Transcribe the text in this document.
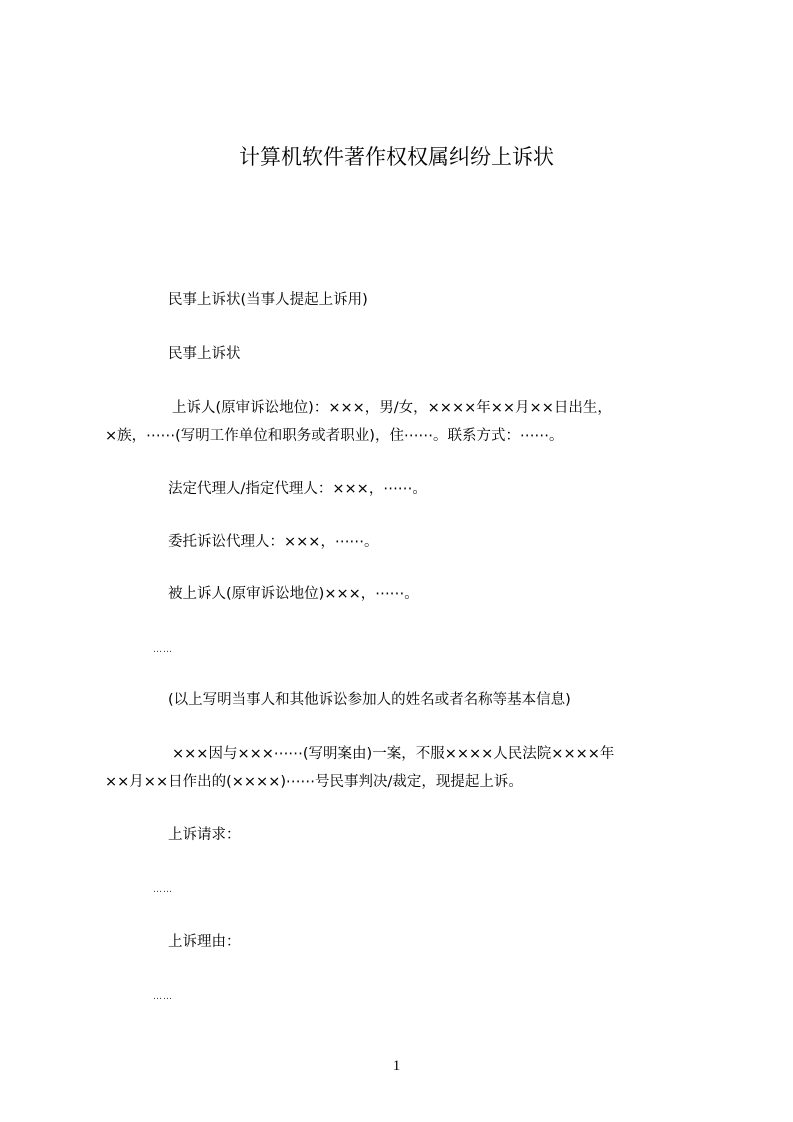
计算机软件著作权权属纠纷上诉状
民事上诉状(当事人提起上诉用)
民事上诉状
上诉人(原审诉讼地位)：×××，男/女，××××年××月××日出生，
×族，⋯⋯(写明工作单位和职务或者职业)，住⋯⋯。联系方式：⋯⋯。
法定代理人/指定代理人：×××，⋯⋯。
委托诉讼代理人：×××，⋯⋯。
被上诉人(原审诉讼地位)×××，⋯⋯。
……
(以上写明当事人和其他诉讼参加人的姓名或者名称等基本信息)
×××因与×××⋯⋯(写明案由)一案，不服××××人民法院××××年
××月××日作出的(××××)⋯⋯号民事判决/裁定，现提起上诉。
上诉请求：
……
上诉理由：
……
1
